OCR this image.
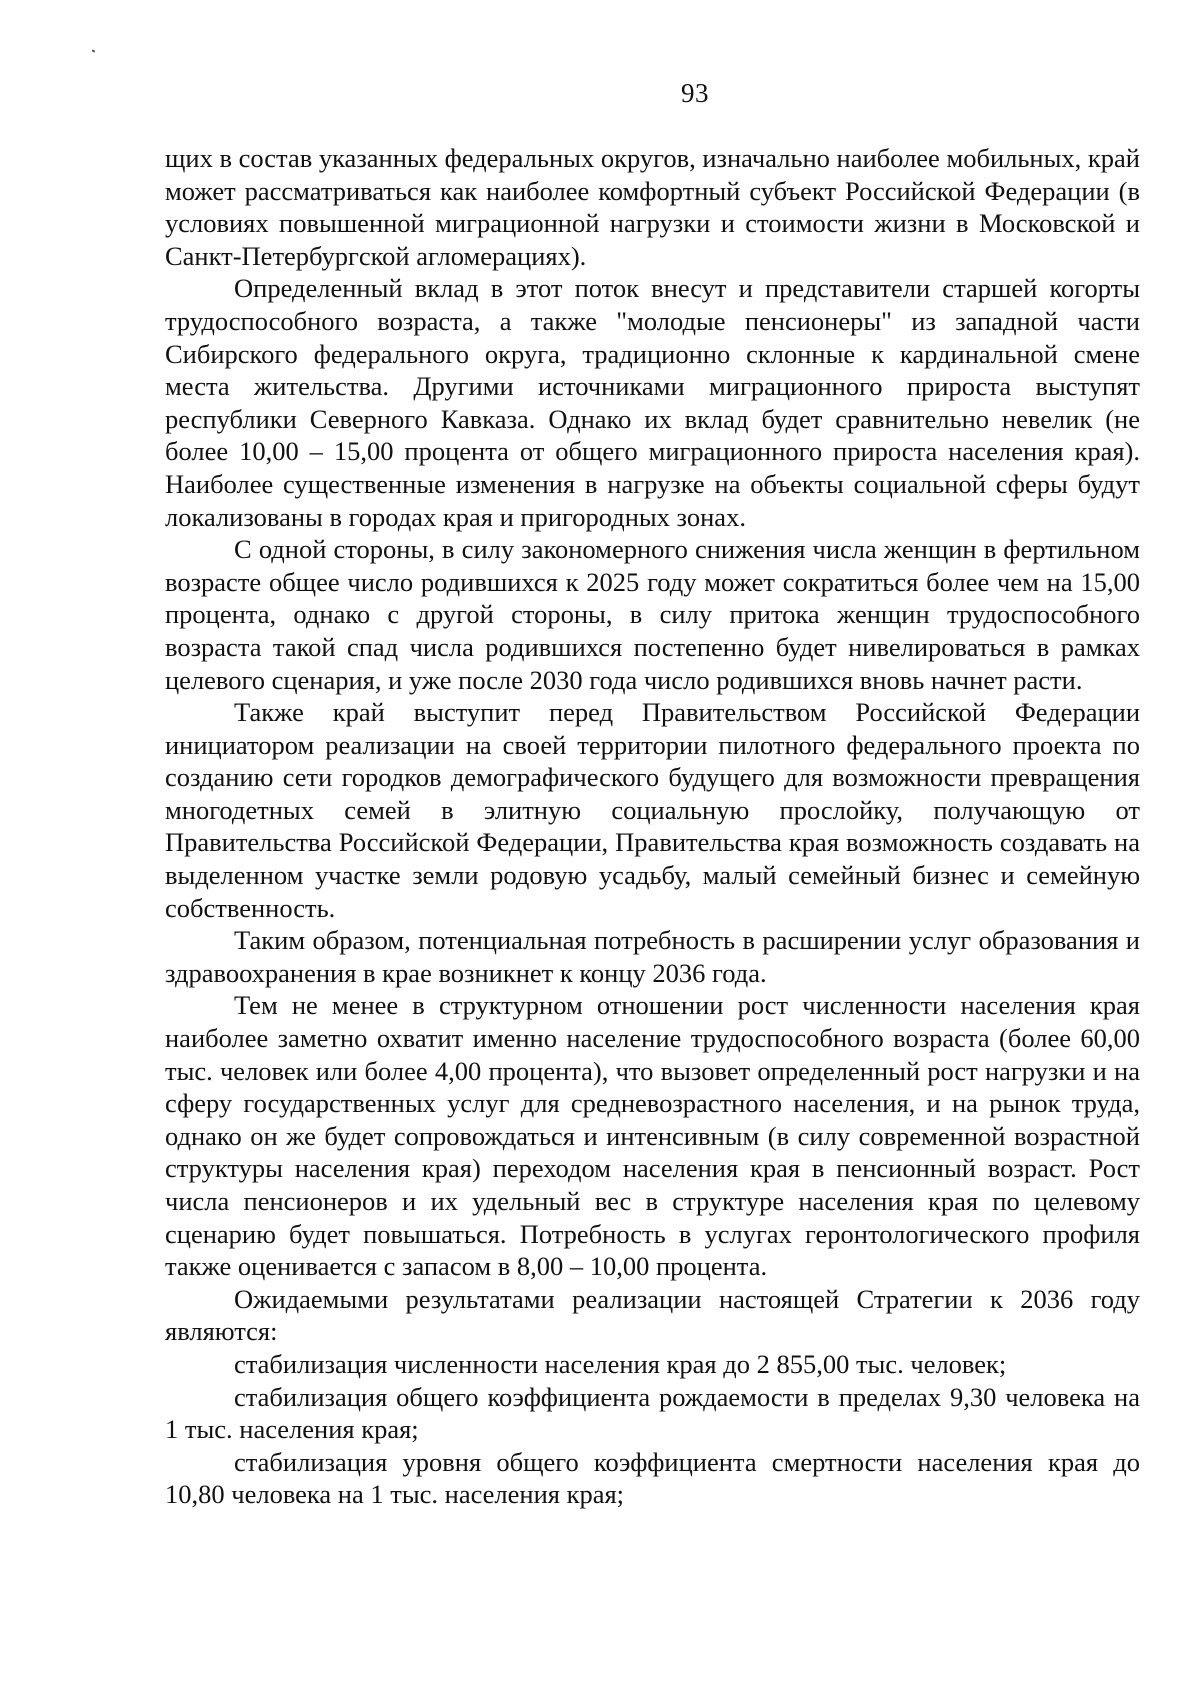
93

щих в состав указанных федеральных округов, изначально наиболее мобильных, край может рассматриваться как наиболее комфортный субъект Российской Федерации (в условиях повышенной миграционной нагрузки и стоимости жизни в Московской и Санкт-Петербургской агломерациях).

Определенный вклад в этот поток внесут и представители старшей когорты трудоспособного возраста, а также "молодые пенсионеры" из западной части Сибирского федерального округа, традиционно склонные к кардинальной смене места жительства. Другими источниками миграционного прироста выступят республики Северного Кавказа. Однако их вклад будет сравнительно невелик (не более 10,00 – 15,00 процента от общего миграционного прироста населения края). Наиболее существенные изменения в нагрузке на объекты социальной сферы будут локализованы в городах края и пригородных зонах.

С одной стороны, в силу закономерного снижения числа женщин в фертильном возрасте общее число родившихся к 2025 году может сократиться более чем на 15,00 процента, однако с другой стороны, в силу притока женщин трудоспособного возраста такой спад числа родившихся постепенно будет нивелироваться в рамках целевого сценария, и уже после 2030 года число родившихся вновь начнет расти.

Также край выступит перед Правительством Российской Федерации инициатором реализации на своей территории пилотного федерального проекта по созданию сети городков демографического будущего для возможности превращения многодетных семей в элитную социальную прослойку, получающую от Правительства Российской Федерации, Правительства края возможность создавать на выделенном участке земли родовую усадьбу, малый семейный бизнес и семейную собственность.

Таким образом, потенциальная потребность в расширении услуг образования и здравоохранения в крае возникнет к концу 2036 года.

Тем не менее в структурном отношении рост численности населения края наиболее заметно охватит именно население трудоспособного возраста (более 60,00 тыс. человек или более 4,00 процента), что вызовет определенный рост нагрузки и на сферу государственных услуг для средневозрастного населения, и на рынок труда, однако он же будет сопровождаться и интенсивным (в силу современной возрастной структуры населения края) переходом населения края в пенсионный возраст. Рост числа пенсионеров и их удельный вес в структуре населения края по целевому сценарию будет повышаться. Потребность в услугах геронтологического профиля также оценивается с запасом в 8,00 – 10,00 процента.

Ожидаемыми результатами реализации настоящей Стратегии к 2036 году являются:

стабилизация численности населения края до 2 855,00 тыс. человек;

стабилизация общего коэффициента рождаемости в пределах 9,30 человека на 1 тыс. населения края;

стабилизация уровня общего коэффициента смертности населения края до 10,80 человека на 1 тыс. населения края;
